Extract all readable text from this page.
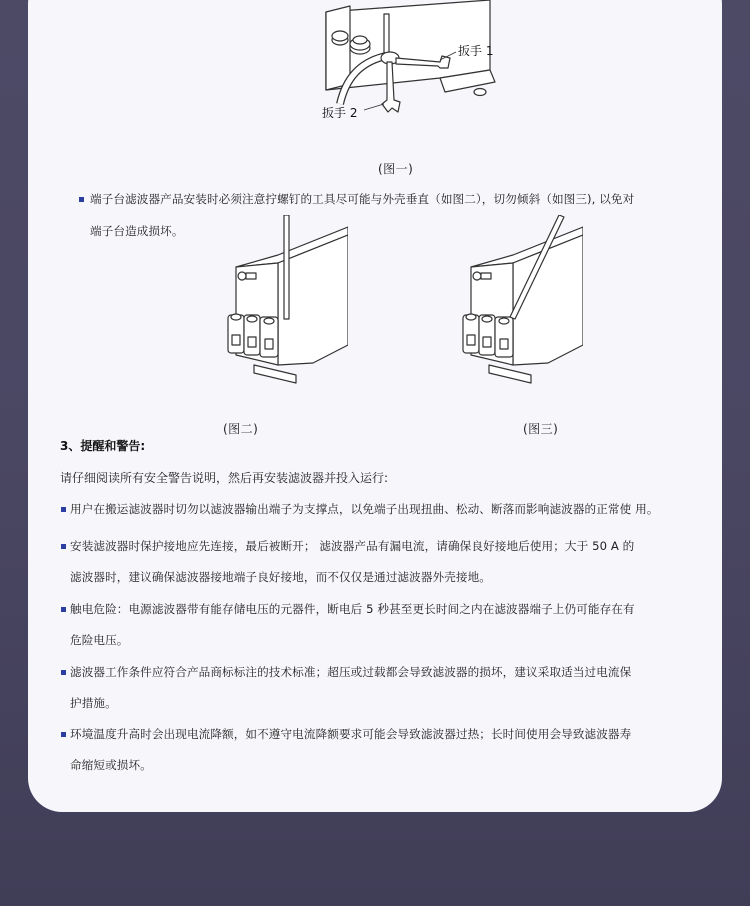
扳手 1
扳手 2
(图一)
端子台滤波器产品安装时必须注意拧螺钉的工具尽可能与外壳垂直（如图二），切勿倾斜（如图三), 以免对
端子台造成损坏。
(图二)	(图三)
3、提醒和警告:
请仔细阅读所有安全警告说明，然后再安装滤波器并投入运行:
用户在搬运滤波器时切勿以滤波器输出端子为支撑点，以免端子出现扭曲、松动、断落而影响滤波器的正常使 用。
安装滤波器时保护接地应先连接，最后被断开； 滤波器产品有漏电流，请确保良好接地后使用；大于 50 A 的
滤波器时，建议确保滤波器接地端子良好接地，而不仅仅是通过滤波器外壳接地。
触电危险：电源滤波器带有能存储电压的元器件，断电后 5 秒甚至更长时间之内在滤波器端子上仍可能存在有
危险电压。
滤波器工作条件应符合产品商标标注的技术标准；超压或过载都会导致滤波器的损坏，建议采取适当过电流保
护措施。
环境温度升高时会出现电流降额，如不遵守电流降额要求可能会导致滤波器过热；长时间使用会导致滤波器寿
命缩短或损坏。
